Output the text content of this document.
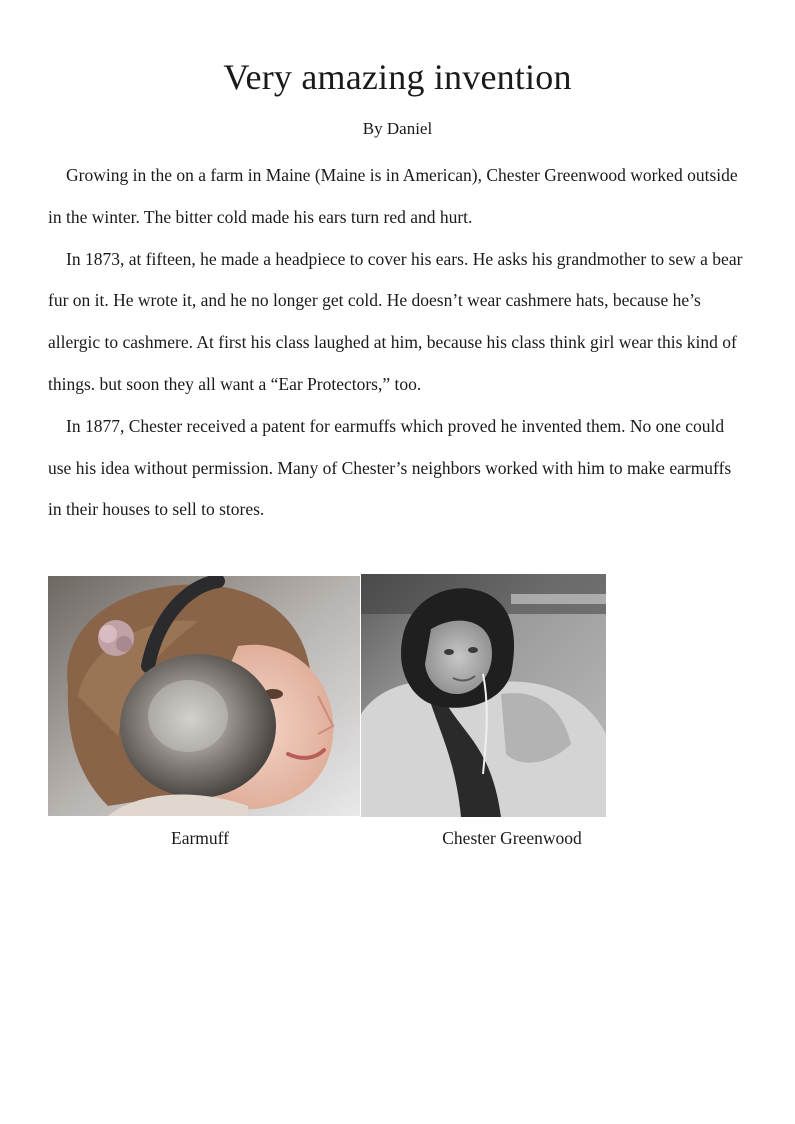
Very amazing invention
By Daniel

Growing in the on a farm in Maine (Maine is in American), Chester Greenwood worked outside in the winter. The bitter cold made his ears turn red and hurt.

In 1873, at fifteen, he made a headpiece to cover his ears. He asks his grandmother to sew a bear fur on it. He wrote it, and he no longer get cold. He doesn’t wear cashmere hats, because he’s allergic to cashmere. At first his class laughed at him, because his class think girl wear this kind of things. but soon they all want a “Ear Protectors,” too.

In 1877, Chester received a patent for earmuffs which proved he invented them. No one could use his idea without permission. Many of Chester’s neighbors worked with him to make earmuffs in their houses to sell to stores.

Earmuff	Chester Greenwood
